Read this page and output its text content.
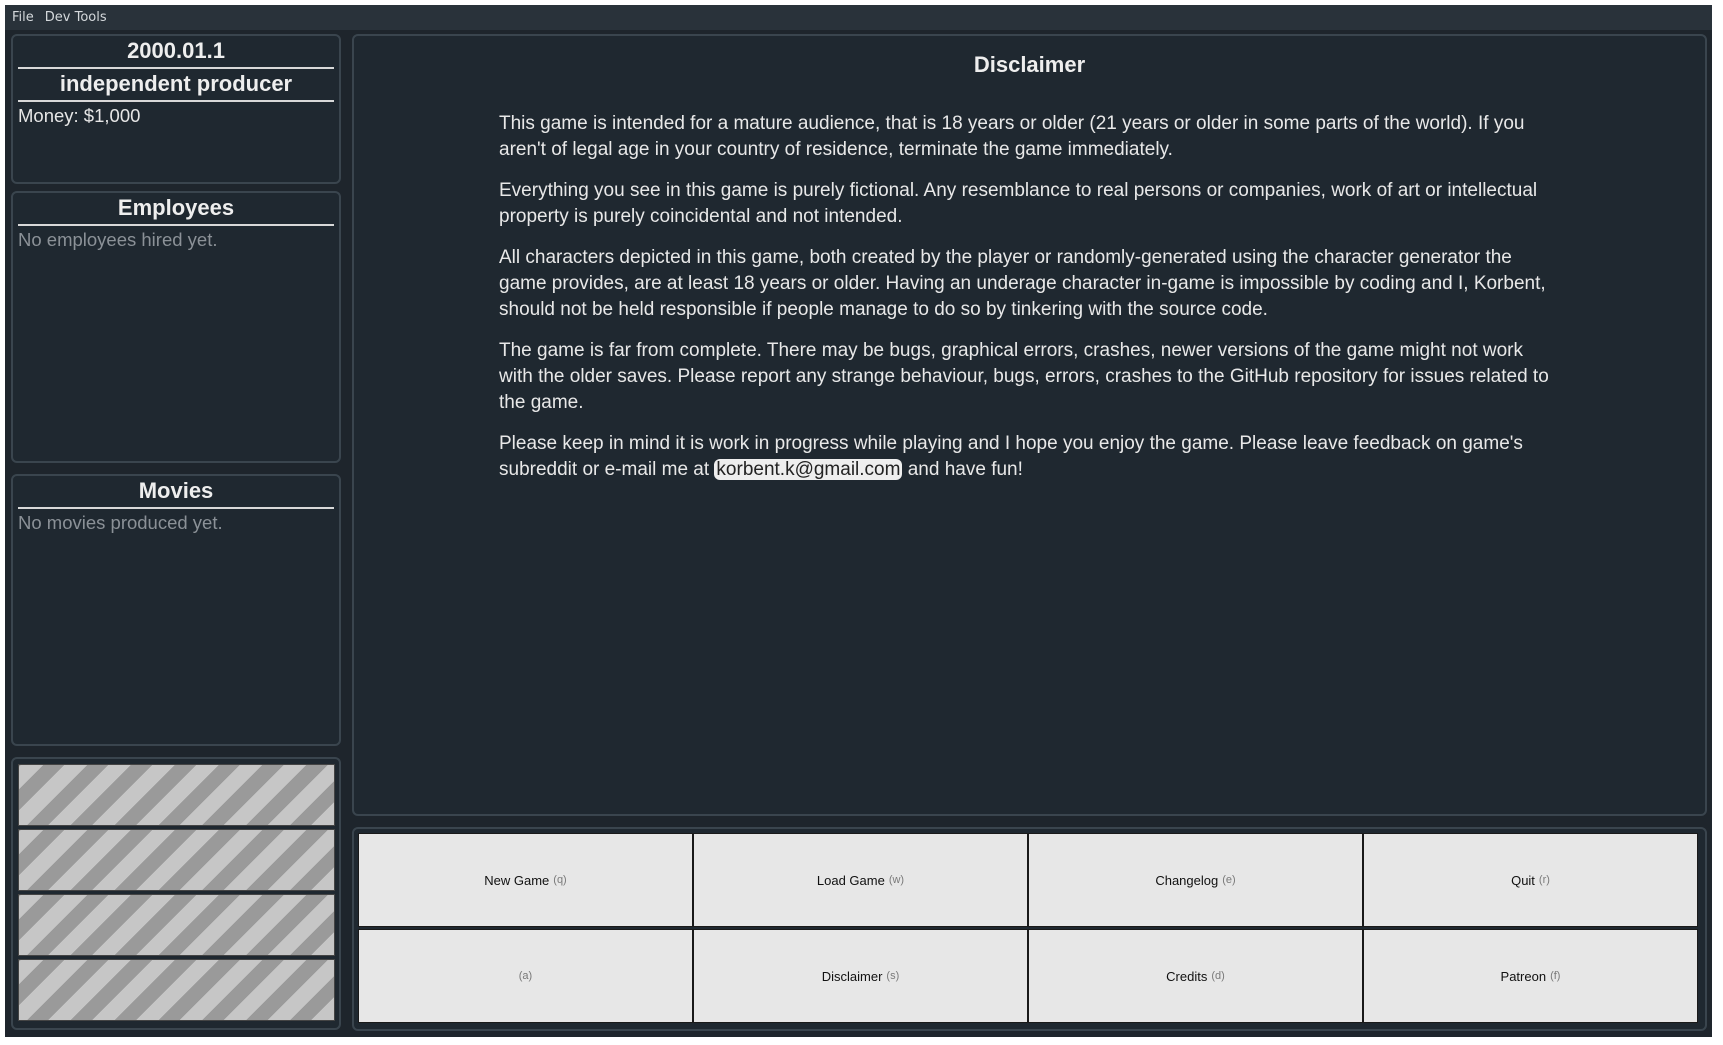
File Dev Tools
2000.01.1
independent producer
Money: $1,000
Employees
No employees hired yet.
Movies
No movies produced yet.
Disclaimer

This game is intended for a mature audience, that is 18 years or older (21 years or older in some parts of the world). If you aren't of legal age in your country of residence, terminate the game immediately.

Everything you see in this game is purely fictional. Any resemblance to real persons or companies, work of art or intellectual property is purely coincidental and not intended.

All characters depicted in this game, both created by the player or randomly-generated using the character generator the game provides, are at least 18 years or older. Having an underage character in-game is impossible by coding and I, Korbent, should not be held responsible if people manage to do so by tinkering with the source code.

The game is far from complete. There may be bugs, graphical errors, crashes, newer versions of the game might not work with the older saves. Please report any strange behaviour, bugs, errors, crashes to the GitHub repository for issues related to the game.

Please keep in mind it is work in progress while playing and I hope you enjoy the game. Please leave feedback on game's subreddit or e-mail me at korbent.k@gmail.com and have fun!

New Game (q)	Load Game (w)	Changelog (e)	Quit (r)
(a)	Disclaimer (s)	Credits (d)	Patreon (f)
